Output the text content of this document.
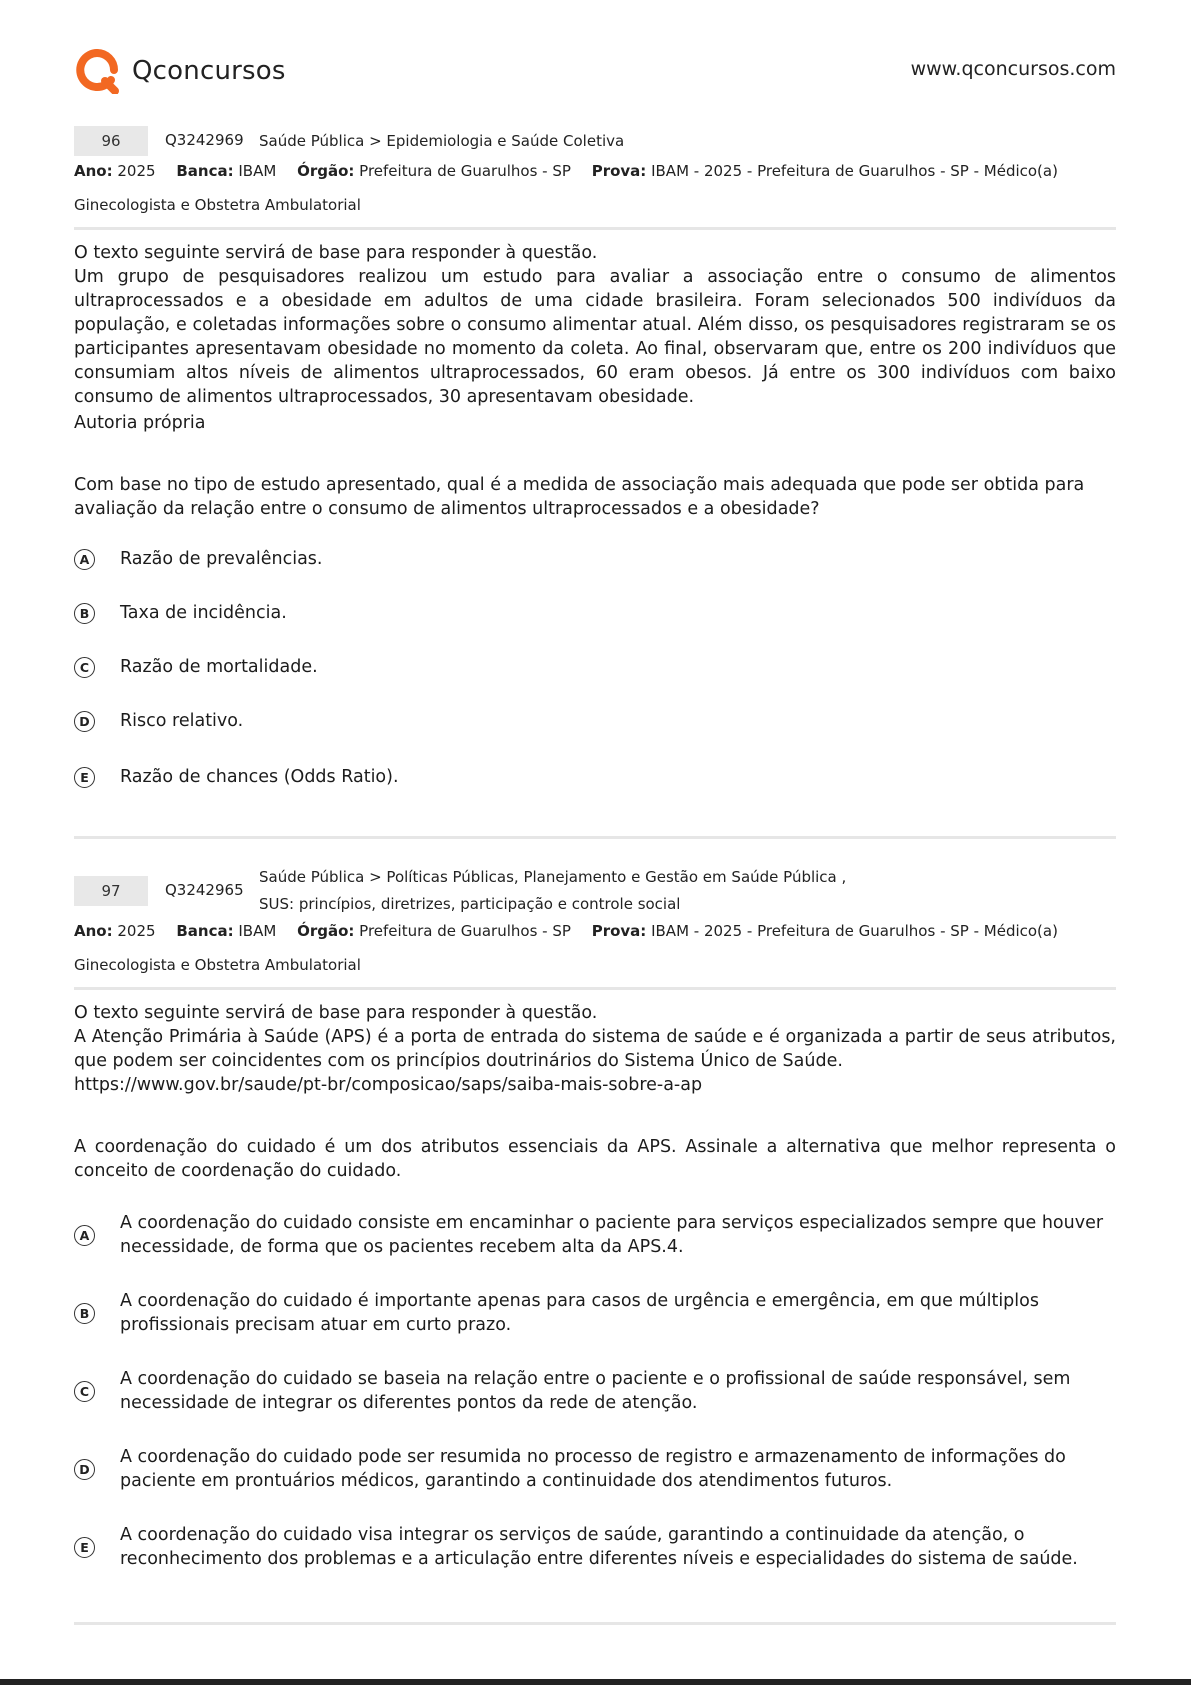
Qconcursos	www.qconcursos.com
96	Q3242969 Saúde Pública > Epidemiologia e Saúde Coletiva
Ano: 2025 Banca: IBAM Órgão: Prefeitura de Guarulhos - SP Prova: IBAM - 2025 - Prefeitura de Guarulhos - SP - Médico(a)
Ginecologista e Obstetra Ambulatorial
O texto seguinte servirá de base para responder à questão.
Um grupo de pesquisadores realizou um estudo para avaliar a associação entre o consumo de alimentos ultraprocessados e a obesidade em adultos de uma cidade brasileira. Foram selecionados 500 indivíduos da população, e coletadas informações sobre o consumo alimentar atual. Além disso, os pesquisadores registraram se os participantes apresentavam obesidade no momento da coleta. Ao final, observaram que, entre os 200 indivíduos que consumiam altos níveis de alimentos ultraprocessados, 60 eram obesos. Já entre os 300 indivíduos com baixo consumo de alimentos ultraprocessados, 30 apresentavam obesidade.
Autoria própria
Com base no tipo de estudo apresentado, qual é a medida de associação mais adequada que pode ser obtida para avaliação da relação entre o consumo de alimentos ultraprocessados e a obesidade?
A	Razão de prevalências.
B	Taxa de incidência.
C	Razão de mortalidade.
D	Risco relativo.
E	Razão de chances (Odds Ratio).
97	Q3242965
Saúde Pública > Políticas Públicas, Planejamento e Gestão em Saúde Pública ,
SUS: princípios, diretrizes, participação e controle social
Ano: 2025 Banca: IBAM Órgão: Prefeitura de Guarulhos - SP Prova: IBAM - 2025 - Prefeitura de Guarulhos - SP - Médico(a)
Ginecologista e Obstetra Ambulatorial
O texto seguinte servirá de base para responder à questão.
A Atenção Primária à Saúde (APS) é a porta de entrada do sistema de saúde e é organizada a partir de seus atributos, que podem ser coincidentes com os princípios doutrinários do Sistema Único de Saúde.
https://www.gov.br/saude/pt-br/composicao/saps/saiba-mais-sobre-a-ap
A coordenação do cuidado é um dos atributos essenciais da APS. Assinale a alternativa que melhor representa o conceito de coordenação do cuidado.
A
A coordenação do cuidado consiste em encaminhar o paciente para serviços especializados sempre que houver necessidade, de forma que os pacientes recebem alta da APS.4.
B
A coordenação do cuidado é importante apenas para casos de urgência e emergência, em que múltiplos profissionais precisam atuar em curto prazo.
C
A coordenação do cuidado se baseia na relação entre o paciente e o profissional de saúde responsável, sem necessidade de integrar os diferentes pontos da rede de atenção.
D
A coordenação do cuidado pode ser resumida no processo de registro e armazenamento de informações do paciente em prontuários médicos, garantindo a continuidade dos atendimentos futuros.
E
A coordenação do cuidado visa integrar os serviços de saúde, garantindo a continuidade da atenção, o reconhecimento dos problemas e a articulação entre diferentes níveis e especialidades do sistema de saúde.
